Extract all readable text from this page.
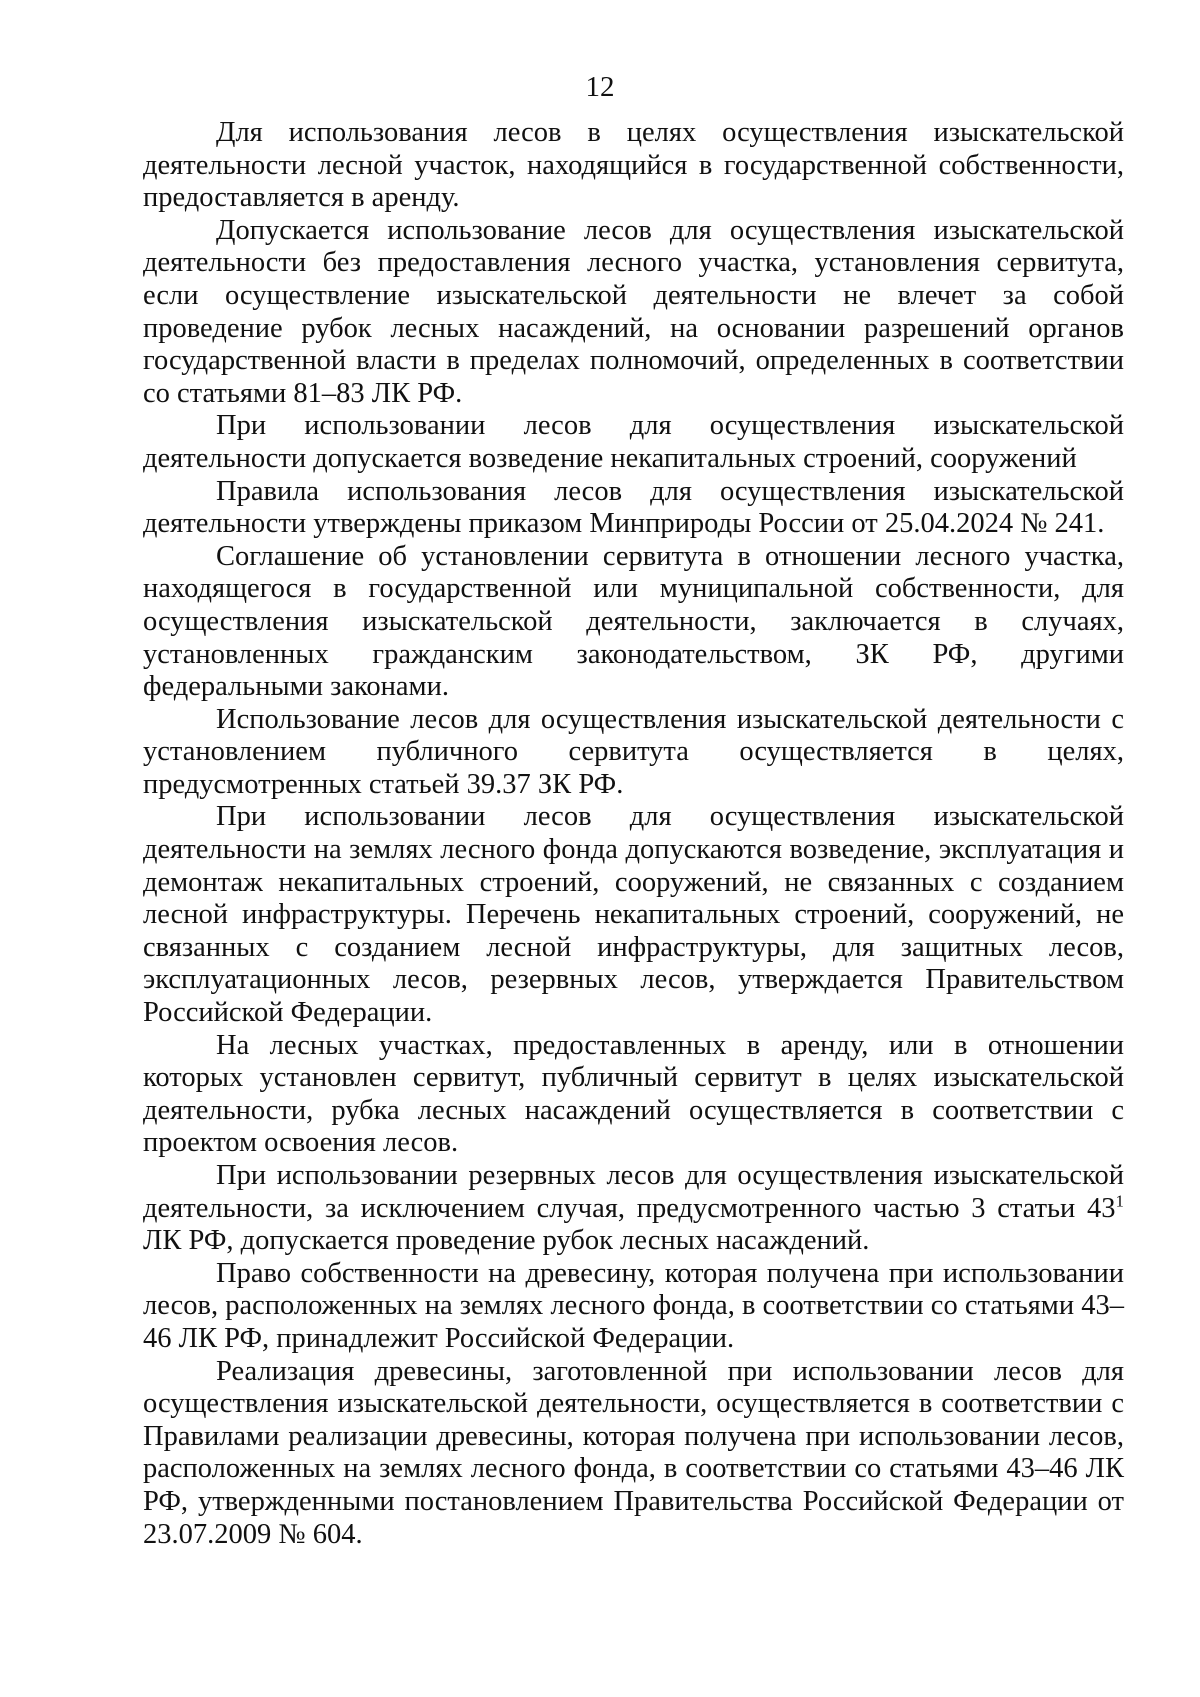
12

Для использования лесов в целях осуществления изыскательской деятельности лесной участок, находящийся в государственной собственности, предоставляется в аренду.

Допускается использование лесов для осуществления изыскательской деятельности без предоставления лесного участка, установления сервитута, если осуществление изыскательской деятельности не влечет за собой проведение рубок лесных насаждений, на основании разрешений органов государственной власти в пределах полномочий, определенных в соответствии со статьями 81–83 ЛК РФ.

При использовании лесов для осуществления изыскательской деятельности допускается возведение некапитальных строений, сооружений

Правила использования лесов для осуществления изыскательской деятельности утверждены приказом Минприроды России от 25.04.2024 № 241.

Соглашение об установлении сервитута в отношении лесного участка, находящегося в государственной или муниципальной собственности, для осуществления изыскательской деятельности, заключается в случаях, установленных гражданским законодательством, ЗК РФ, другими федеральными законами.

Использование лесов для осуществления изыскательской деятельности с установлением публичного сервитута осуществляется в целях, предусмотренных статьей 39.37 ЗК РФ.

При использовании лесов для осуществления изыскательской деятельности на землях лесного фонда допускаются возведение, эксплуатация и демонтаж некапитальных строений, сооружений, не связанных с созданием лесной инфраструктуры. Перечень некапитальных строений, сооружений, не связанных с созданием лесной инфраструктуры, для защитных лесов, эксплуатационных лесов, резервных лесов, утверждается Правительством Российской Федерации.

На лесных участках, предоставленных в аренду, или в отношении которых установлен сервитут, публичный сервитут в целях изыскательской деятельности, рубка лесных насаждений осуществляется в соответствии с проектом освоения лесов.

При использовании резервных лесов для осуществления изыскательской деятельности, за исключением случая, предусмотренного частью 3 статьи $43^1$ ЛК РФ, допускается проведение рубок лесных насаждений.

Право собственности на древесину, которая получена при использовании лесов, расположенных на землях лесного фонда, в соответствии со статьями 43–46 ЛК РФ, принадлежит Российской Федерации.

Реализация древесины, заготовленной при использовании лесов для осуществления изыскательской деятельности, осуществляется в соответствии с Правилами реализации древесины, которая получена при использовании лесов, расположенных на землях лесного фонда, в соответствии со статьями 43–46 ЛК РФ, утвержденными постановлением Правительства Российской Федерации от 23.07.2009 № 604.
